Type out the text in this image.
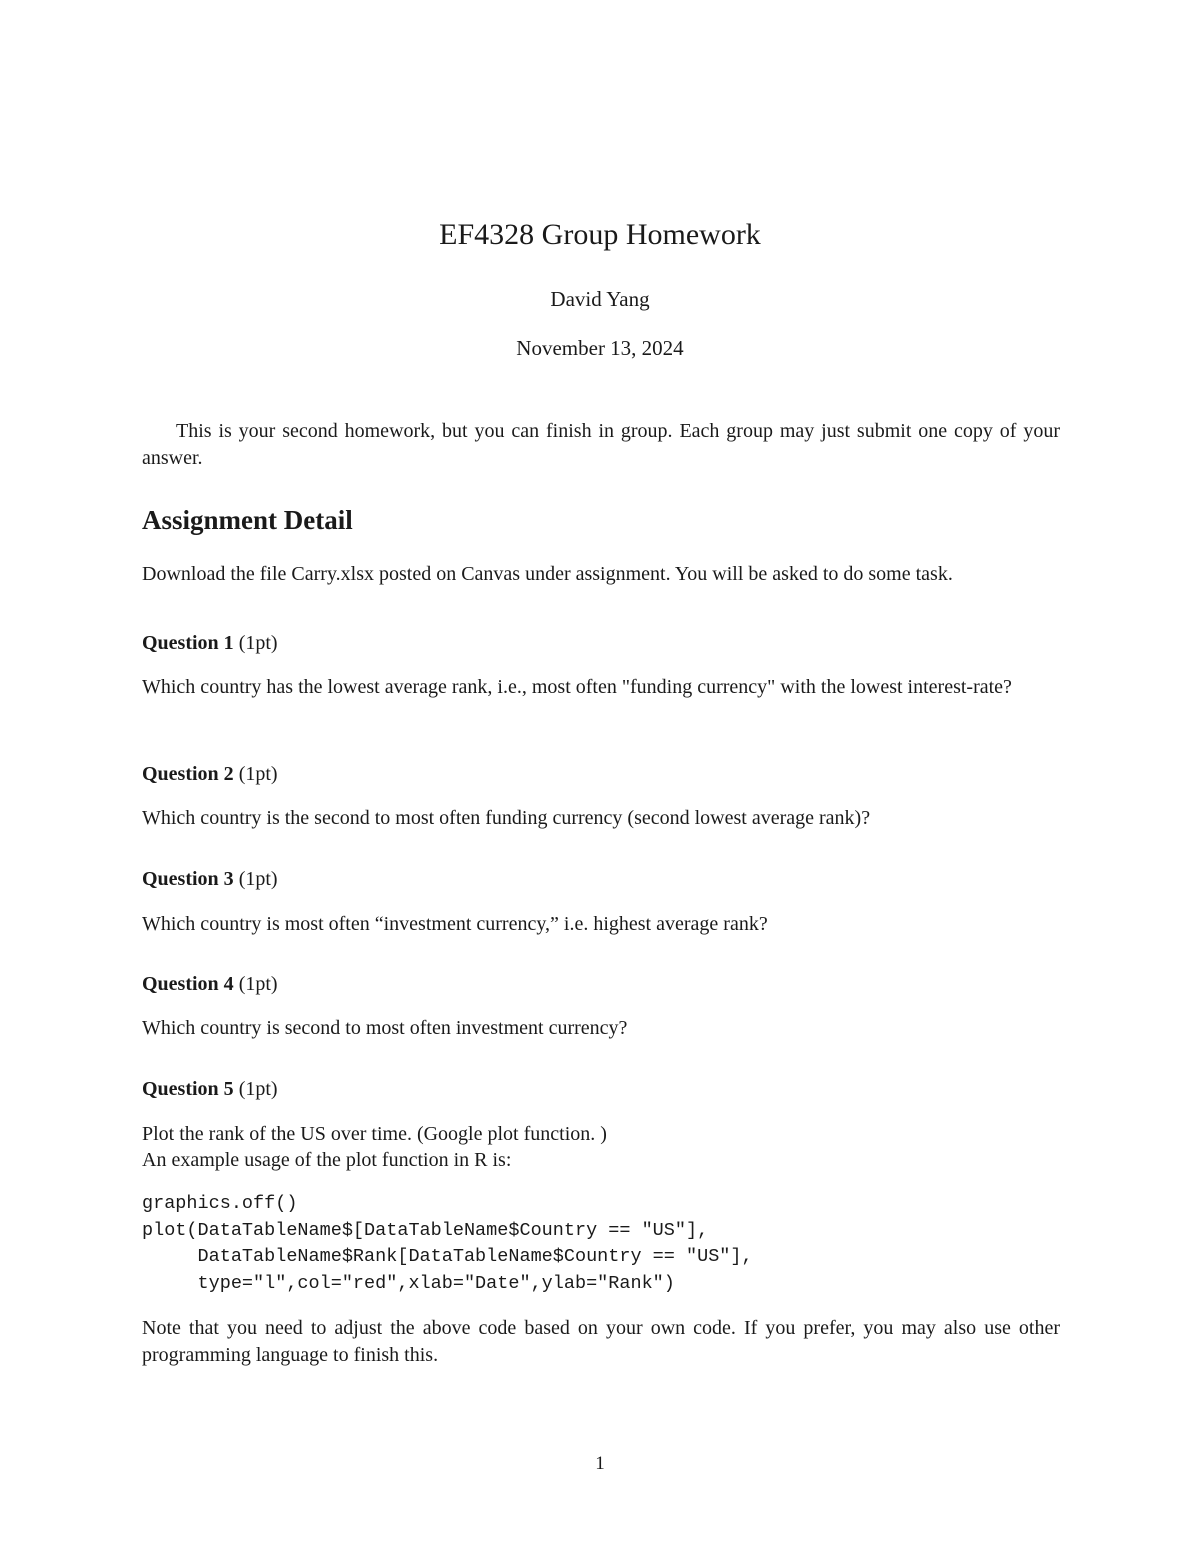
EF4328 Group Homework
David Yang
November 13, 2024
This is your second homework, but you can finish in group. Each group may just submit one copy of your answer.
Assignment Detail
Download the file Carry.xlsx posted on Canvas under assignment. You will be asked to do some task.
Question 1 (1pt)
Which country has the lowest average rank, i.e., most often "funding currency" with the lowest interest-rate?
Question 2 (1pt)
Which country is the second to most often funding currency (second lowest average rank)?
Question 3 (1pt)
Which country is most often “investment currency,” i.e. highest average rank?
Question 4 (1pt)
Which country is second to most often investment currency?
Question 5 (1pt)
Plot the rank of the US over time. (Google plot function. )
An example usage of the plot function in R is:
graphics.off()
plot(DataTableName$[DataTableName$Country == "US"],
DataTableName$Rank[DataTableName$Country == "US"],
type="l",col="red",xlab="Date",ylab="Rank")
Note that you need to adjust the above code based on your own code. If you prefer, you may also use other programming language to finish this.
1
